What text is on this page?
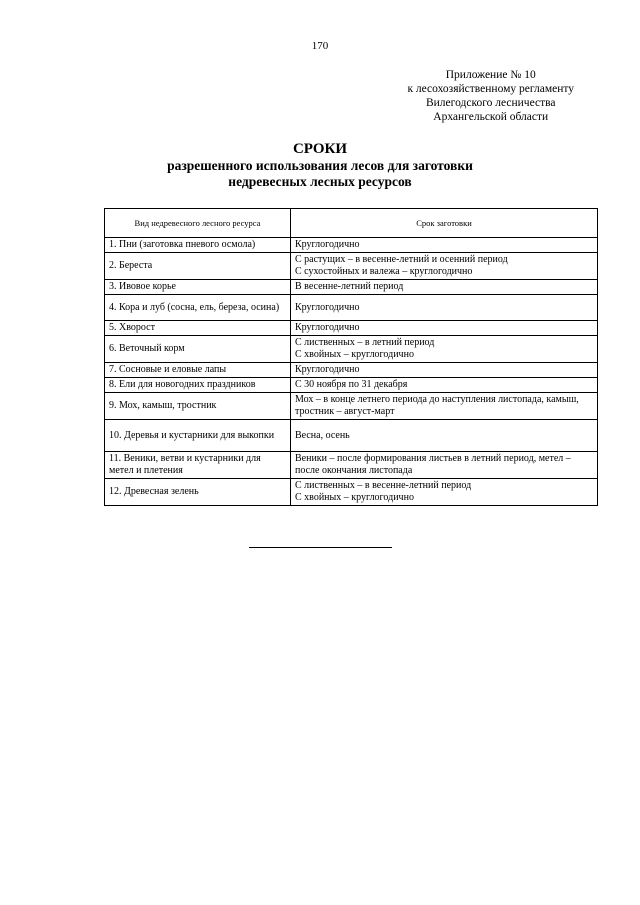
170
Приложение № 10
к лесохозяйственному регламенту
Вилегодского лесничества
Архангельской области
СРОКИ
разрешенного использования лесов для заготовки
недревесных лесных ресурсов
Вид недревесного лесного ресурса	Срок заготовки
1. Пни (заготовка пневого осмола)	Круглогодично

2. Береста	С растущих – в весенне-летний и осенний период
С сухостойных и валежа – круглогодично

3. Ивовое корье	В весенне-летний период

4. Кора и луб (сосна, ель, береза, осина)	Круглогодично

5. Хворост	Круглогодично

6. Веточный корм	С лиственных – в летний период
С хвойных – круглогодично

7. Сосновые и еловые лапы	Круглогодично

8. Ели для новогодних праздников	С 30 ноября по 31 декабря

9. Мох, камыш, тростник	Мох – в конце летнего периода до наступления листопада, камыш, тростник – август-март

10. Деревья и кустарники для выкопки	Весна, осень

11. Веники, ветви и кустарники для метел и плетения	Веники – после формирования листьев в летний период, метел – после окончания листопада

12. Древесная зелень	С лиственных – в весенне-летний период
С хвойных – круглогодично
